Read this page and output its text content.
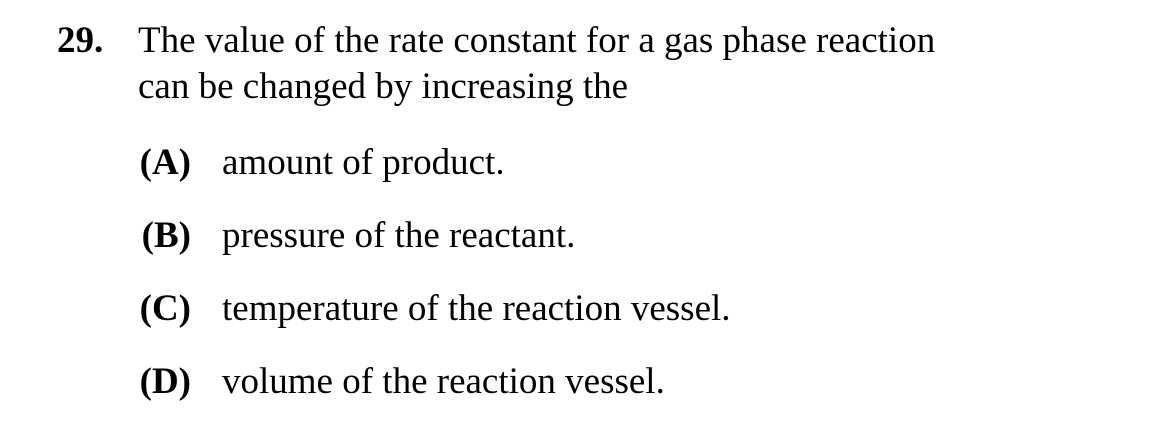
29. The value of the rate constant for a gas phase reaction
can be changed by increasing the
(A) amount of product.
(B) pressure of the reactant.
(C) temperature of the reaction vessel.
(D) volume of the reaction vessel.
